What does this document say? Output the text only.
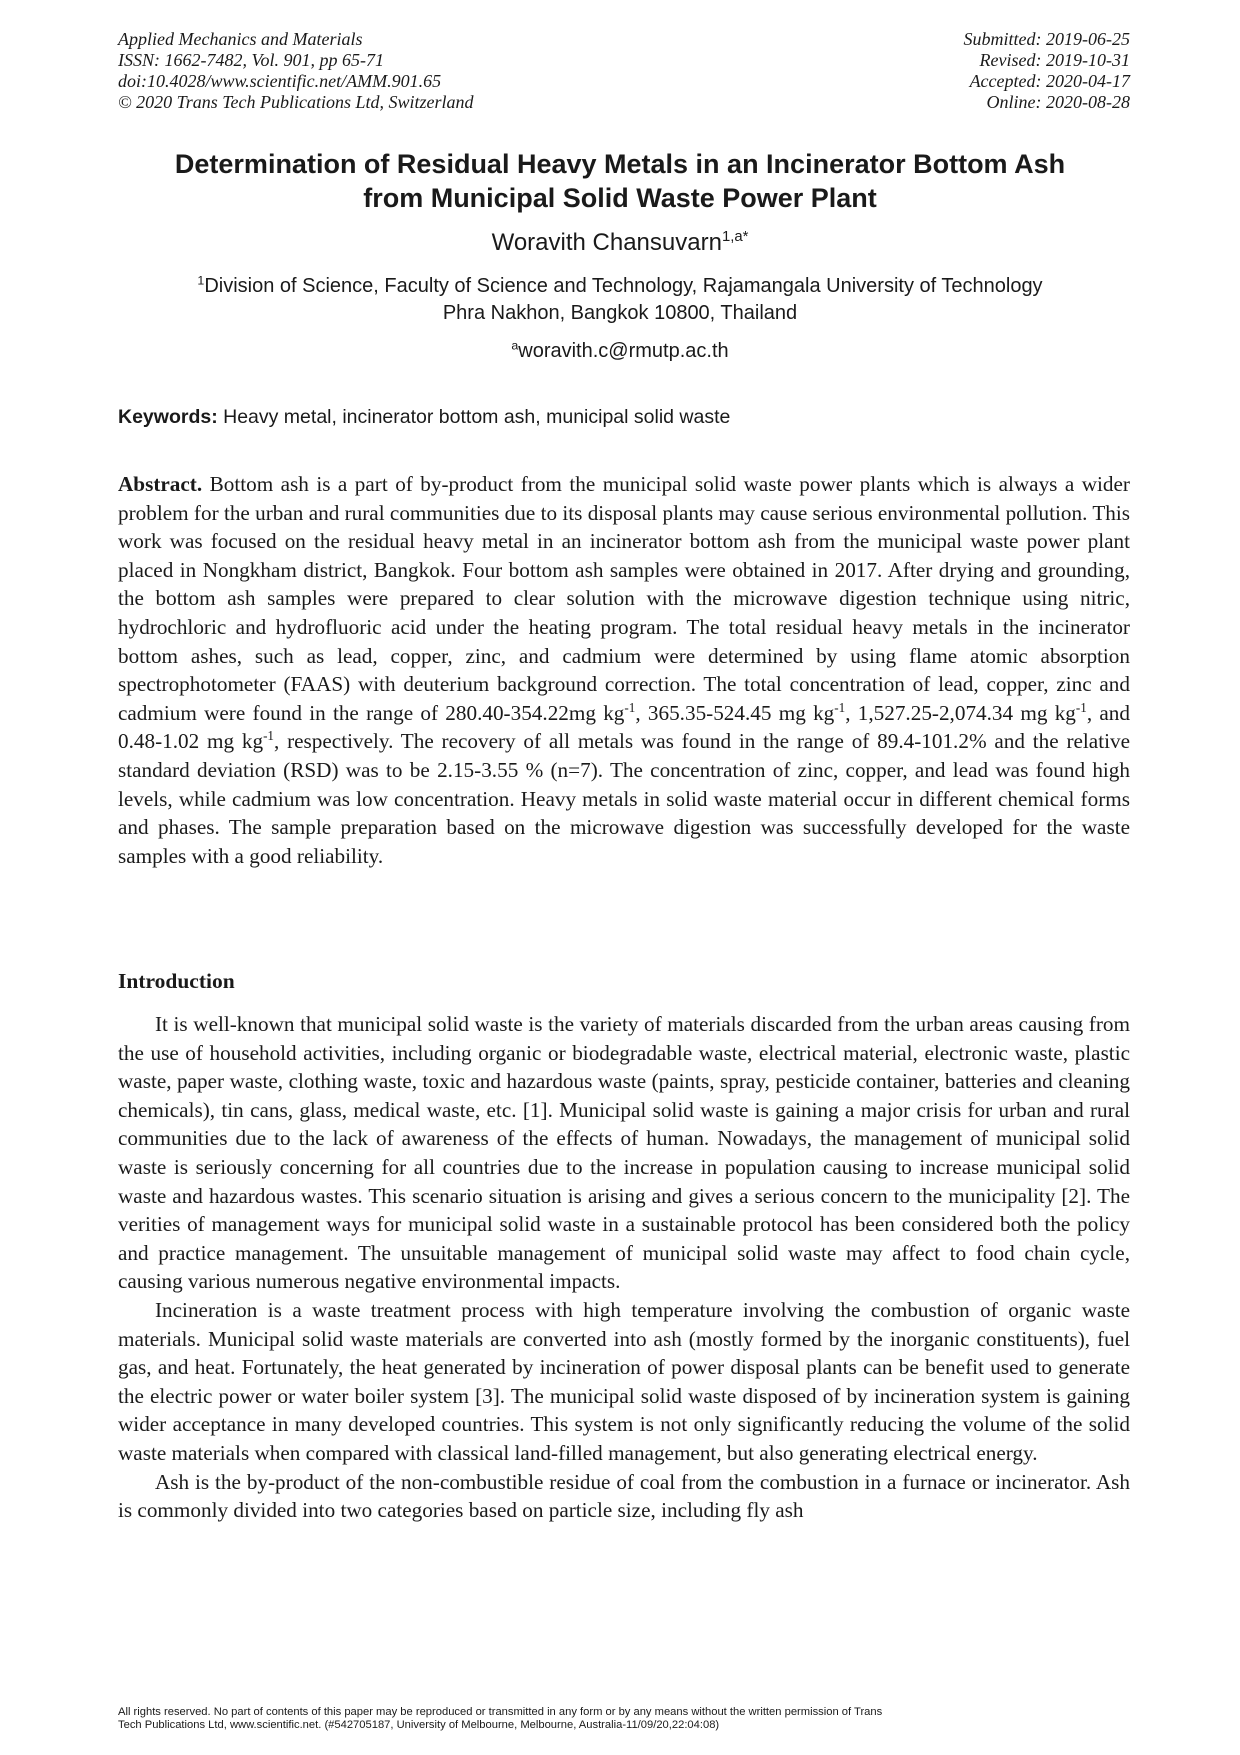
Applied Mechanics and Materials
ISSN: 1662-7482, Vol. 901, pp 65-71
doi:10.4028/www.scientific.net/AMM.901.65
© 2020 Trans Tech Publications Ltd, Switzerland
Submitted: 2019-06-25
Revised: 2019-10-31
Accepted: 2020-04-17
Online: 2020-08-28
Determination of Residual Heavy Metals in an Incinerator Bottom Ash
from Municipal Solid Waste Power Plant
Woravith Chansuvarn$^{1,a*}$
$^1$Division of Science, Faculty of Science and Technology, Rajamangala University of Technology
Phra Nakhon, Bangkok 10800, Thailand
$^a$woravith.c@rmutp.ac.th
Keywords: Heavy metal, incinerator bottom ash, municipal solid waste
Abstract. Bottom ash is a part of by-product from the municipal solid waste power plants which is always a wider problem for the urban and rural communities due to its disposal plants may cause serious environmental pollution. This work was focused on the residual heavy metal in an incinerator bottom ash from the municipal waste power plant placed in Nongkham district, Bangkok. Four bottom ash samples were obtained in 2017. After drying and grounding, the bottom ash samples were prepared to clear solution with the microwave digestion technique using nitric, hydrochloric and hydrofluoric acid under the heating program. The total residual heavy metals in the incinerator bottom ashes, such as lead, copper, zinc, and cadmium were determined by using flame atomic absorption spectrophotometer (FAAS) with deuterium background correction. The total concentration of lead, copper, zinc and cadmium were found in the range of 280.40-354.22mg $kg^{-1}$, 365.35-524.45 mg $kg^{-1}$, 1,527.25-2,074.34 mg $kg^{-1}$, and 0.48-1.02 mg $kg^{-1}$, respectively. The recovery of all metals was found in the range of 89.4-101.2% and the relative standard deviation (RSD) was to be 2.15-3.55 % (n=7). The concentration of zinc, copper, and lead was found high levels, while cadmium was low concentration. Heavy metals in solid waste material occur in different chemical forms and phases. The sample preparation based on the microwave digestion was successfully developed for the waste samples with a good reliability.
Introduction

It is well-known that municipal solid waste is the variety of materials discarded from the urban areas causing from the use of household activities, including organic or biodegradable waste, electrical material, electronic waste, plastic waste, paper waste, clothing waste, toxic and hazardous waste (paints, spray, pesticide container, batteries and cleaning chemicals), tin cans, glass, medical waste, etc. [1]. Municipal solid waste is gaining a major crisis for urban and rural communities due to the lack of awareness of the effects of human. Nowadays, the management of municipal solid waste is seriously concerning for all countries due to the increase in population causing to increase municipal solid waste and hazardous wastes. This scenario situation is arising and gives a serious concern to the municipality [2]. The verities of management ways for municipal solid waste in a sustainable protocol has been considered both the policy and practice management. The unsuitable management of municipal solid waste may affect to food chain cycle, causing various numerous negative environmental impacts.

Incineration is a waste treatment process with high temperature involving the combustion of organic waste materials. Municipal solid waste materials are converted into ash (mostly formed by the inorganic constituents), fuel gas, and heat. Fortunately, the heat generated by incineration of power disposal plants can be benefit used to generate the electric power or water boiler system [3]. The municipal solid waste disposed of by incineration system is gaining wider acceptance in many developed countries. This system is not only significantly reducing the volume of the solid waste materials when compared with classical land-filled management, but also generating electrical energy.

Ash is the by-product of the non-combustible residue of coal from the combustion in a furnace or incinerator. Ash is commonly divided into two categories based on particle size, including fly ash

All rights reserved. No part of contents of this paper may be reproduced or transmitted in any form or by any means without the written permission of Trans
Tech Publications Ltd, www.scientific.net. (#542705187, University of Melbourne, Melbourne, Australia-11/09/20,22:04:08)
